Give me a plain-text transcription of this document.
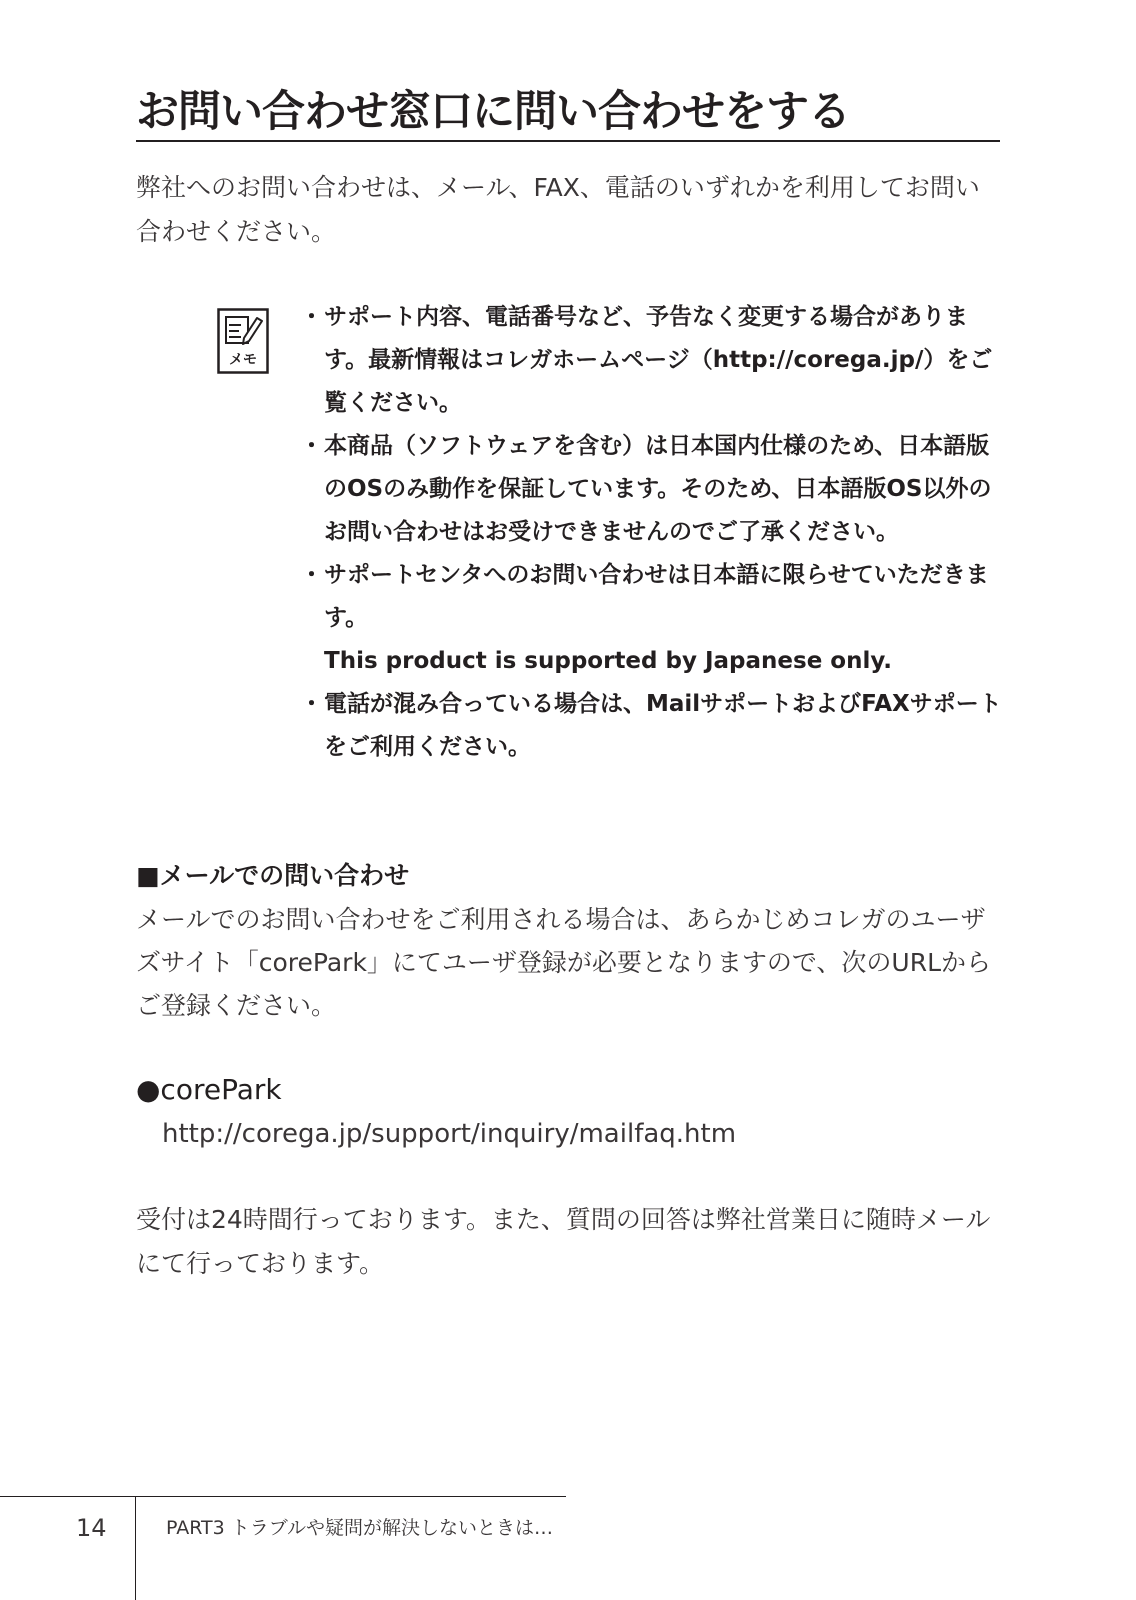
お問い合わせ窓口に問い合わせをする

弊社へのお問い合わせは、メール、FAX、電話のいずれかを利用してお問い合わせください。

メモ
・ サポート内容、電話番号など、予告なく変更する場合があります。最新情報はコレガホームページ（http://corega.jp/）をご覧ください。
・ 本商品（ソフトウェアを含む）は日本国内仕様のため、日本語版のOSのみ動作を保証しています。そのため、日本語版OS以外のお問い合わせはお受けできませんのでご了承ください。
・ サポートセンタへのお問い合わせは日本語に限らせていただきます。
This product is supported by Japanese only.
・ 電話が混み合っている場合は、MailサポートおよびFAXサポートをご利用ください。
■メールでの問い合わせ

メールでのお問い合わせをご利用される場合は、あらかじめコレガのユーザズサイト「corePark」にてユーザ登録が必要となりますので、次のURLからご登録ください。

●corePark

http://corega.jp/support/inquiry/mailfaq.htm

受付は24時間行っております。また、質問の回答は弊社営業日に随時メールにて行っております。

14	PART3 トラブルや疑問が解決しないときは…
